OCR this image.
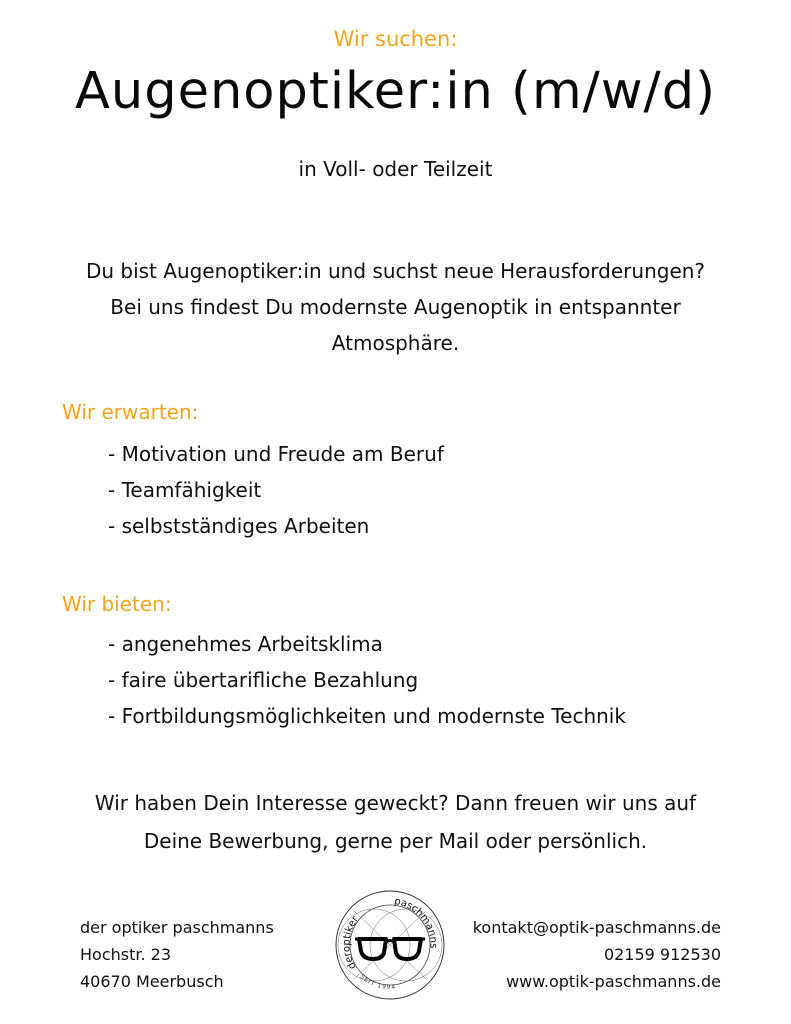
Wir suchen:
Augenoptiker:in (m/w/d)
in Voll- oder Teilzeit
Du bist Augenoptiker:in und suchst neue Herausforderungen?
Bei uns findest Du modernste Augenoptik in entspannter
Atmosphäre.
Wir erwarten:
- Motivation und Freude am Beruf
- Teamfähigkeit
- selbstständiges Arbeiten
Wir bieten:
- angenehmes Arbeitsklima
- faire übertarifliche Bezahlung
- Fortbildungsmöglichkeiten und modernste Technik
Wir haben Dein Interesse geweckt? Dann freuen wir uns auf
Deine Bewerbung, gerne per Mail oder persönlich.
der optiker paschmanns
Hochstr. 23
40670 Meerbusch
deroptiker
paschmanns
SEIT 1994
kontakt@optik-paschmanns.de
02159 912530
www.optik-paschmanns.de
